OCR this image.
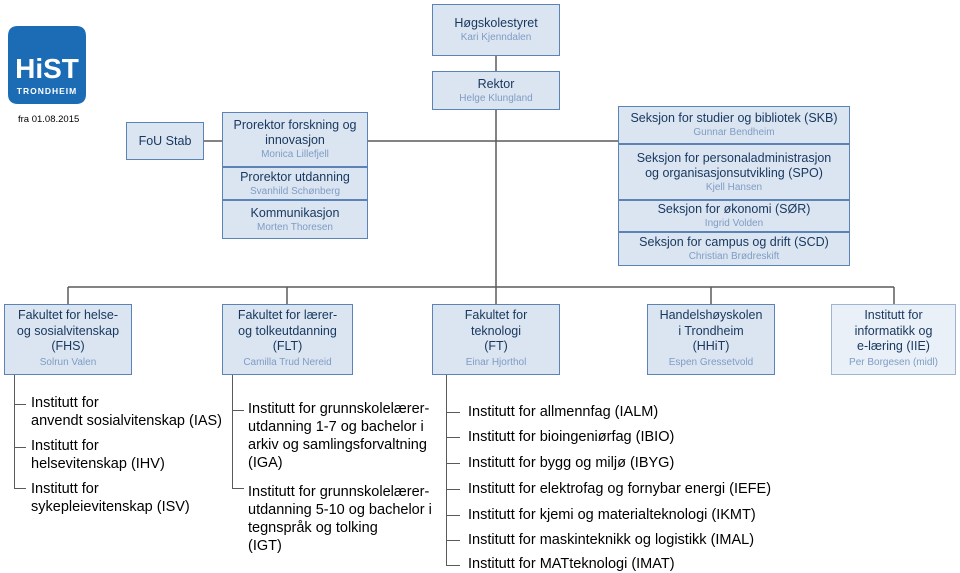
HiST
TRONDHEIM
fra 01.08.2015
Høgskolestyret
Kari Kjenndalen
Rektor
Helge Klungland
FoU Stab
Prorektor forskning og innovasjon
Monica Lillefjell
Prorektor utdanning
Svanhild Schønberg
Kommunikasjon
Morten Thoresen
Seksjon for studier og bibliotek (SKB)
Gunnar Bendheim
Seksjon for personaladministrasjon og organisasjonsutvikling (SPO)
Kjell Hansen
Seksjon for økonomi (SØR)
Ingrid Volden
Seksjon for campus og drift (SCD)
Christian Brødreskift
Fakultet for helse-
og sosialvitenskap
(FHS)
Solrun Valen
Fakultet for lærer-
og tolkeutdanning
(FLT)
Camilla Trud Nereid
Fakultet for
teknologi
(FT)
Einar Hjorthol
Handelshøyskolen
i Trondheim
(HHiT)
Espen Gressetvold
Institutt for
informatikk og
e-læring (IIE)
Per Borgesen (midl)
Institutt for
anvendt sosialvitenskap (IAS)
Institutt for
helsevitenskap (IHV)
Institutt for
sykepleievitenskap (ISV)
Institutt for grunnskolelærer-
utdanning 1-7 og bachelor i
arkiv og samlingsforvaltning
(IGA)
Institutt for grunnskolelærer-
utdanning 5-10 og bachelor i
tegnspråk og tolking
(IGT)
Institutt for allmennfag (IALM)
Institutt for bioingeniørfag (IBIO)
Institutt for bygg og miljø (IBYG)
Institutt for elektrofag og fornybar energi (IEFE)
Institutt for kjemi og materialteknologi (IKMT)
Institutt for maskinteknikk og logistikk (IMAL)
Institutt for MATteknologi (IMAT)
